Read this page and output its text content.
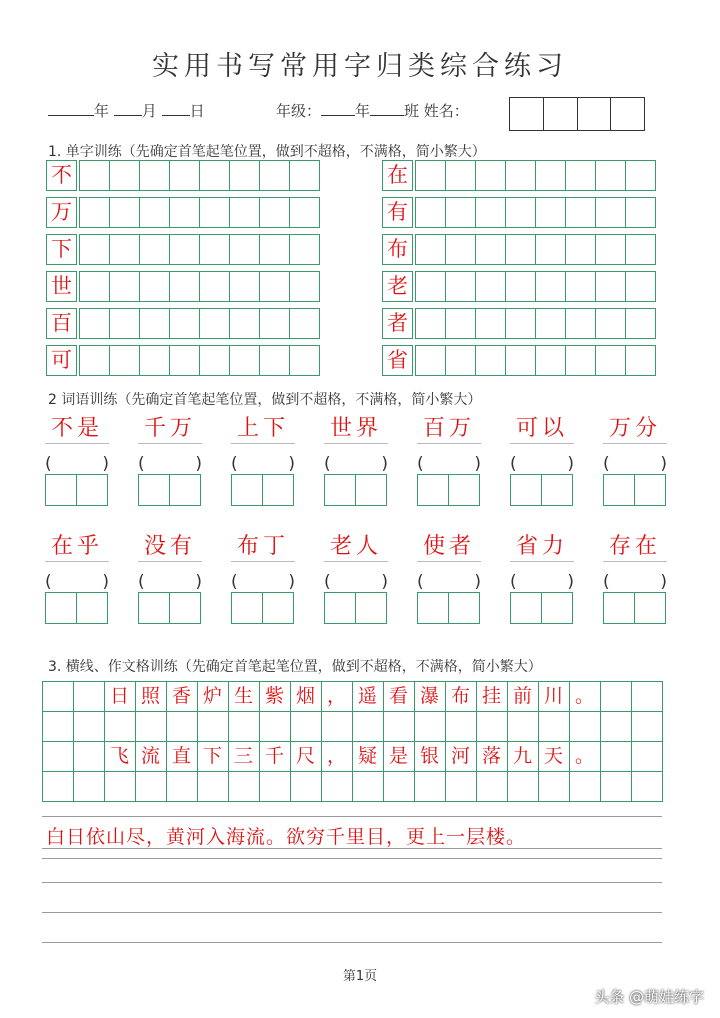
实用书写常用字归类综合练习
年 月 日	年级： 年 班 姓名：
1. 单字训练（先确定首笔起笔位置，做到不超格，不满格，简小繁大）
不
万
下
世
百
可
在
有
布
老
者
省
2 词语训练（先确定首笔起笔位置，做到不超格，不满格，简小繁大）
不是
(	)
千万
(	)
上下
(	)
世界
(	)
百万
(	)
可以
(	)
万分
(	)
在乎
(	)
没有
(	)
布丁
(	)
老人
(	)
使者
(	)
省力
(	)
存在
(	)
3. 横线、作文格训练（先确定首笔起笔位置，做到不超格，不满格，简小繁大）
日 照 香 炉 生 紫 烟 ， 遥 看 瀑 布 挂 前 川 。
飞 流 直 下 三 千 尺 ， 疑 是 银 河 落 九 天 。
白日依山尽，黄河入海流。欲穷千里目，更上一层楼。
第1页
头条 @萌娃练字
